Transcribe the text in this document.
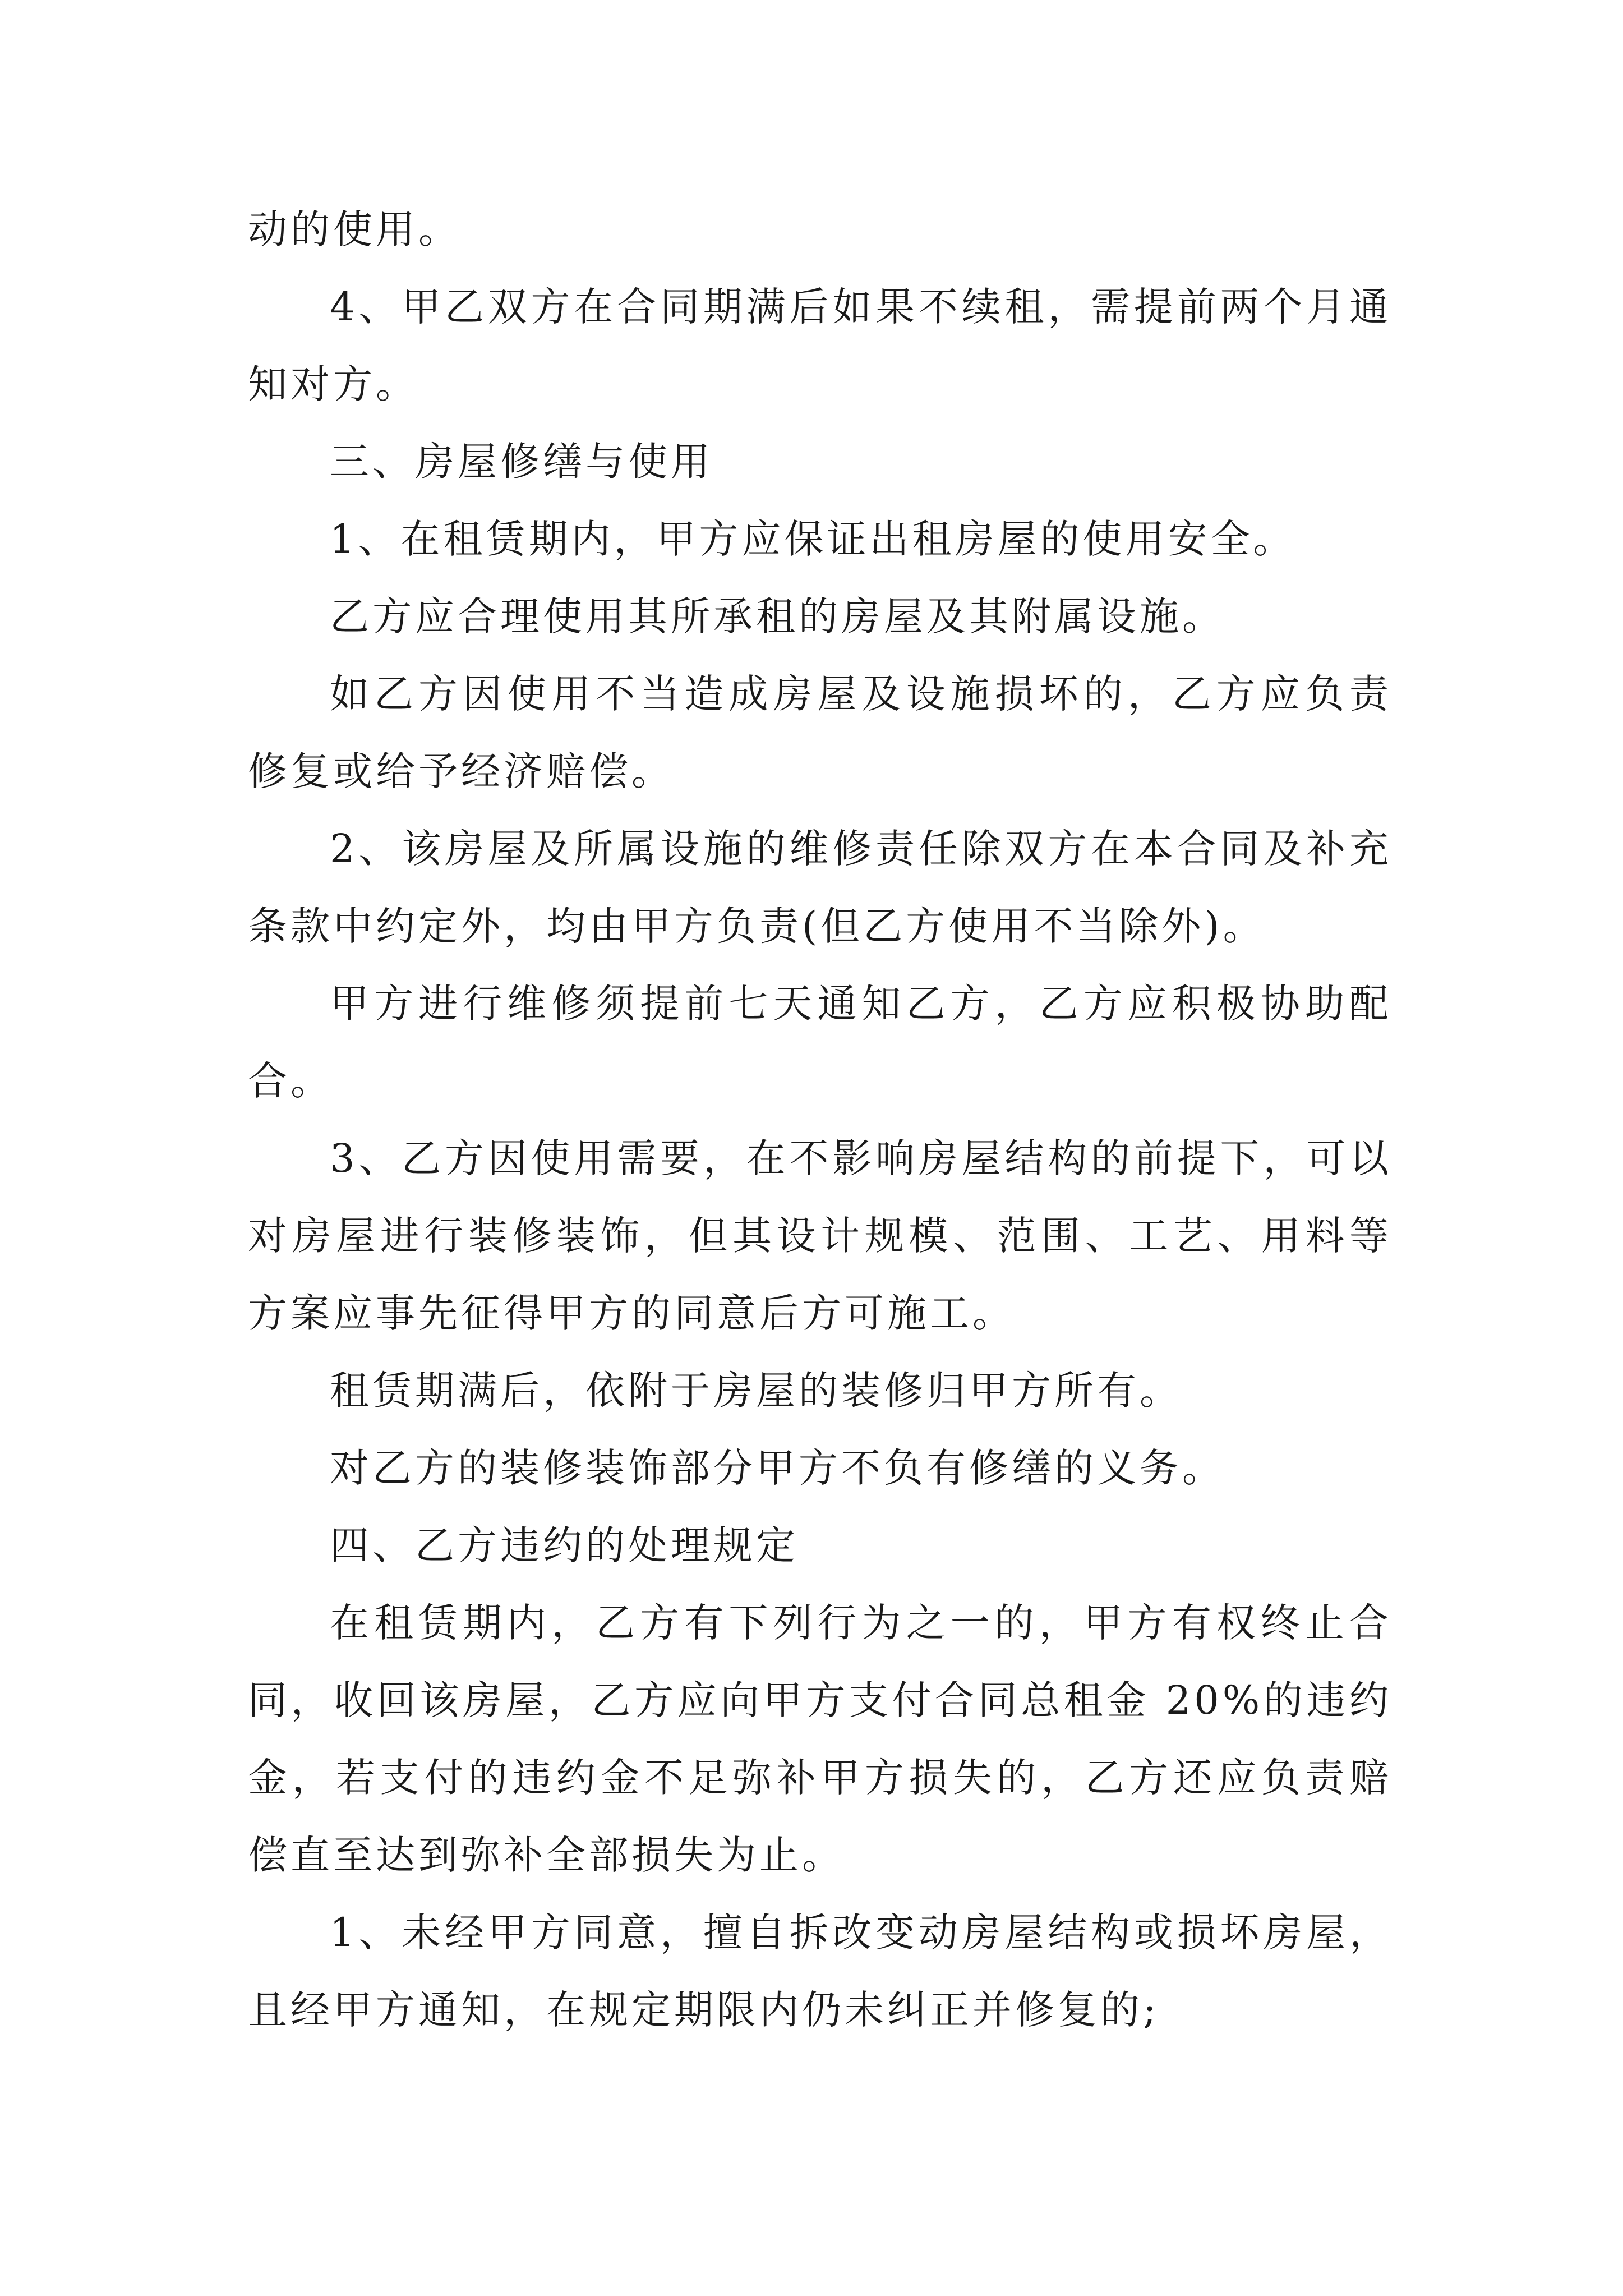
动的使用。

4、甲乙双方在合同期满后如果不续租，需提前两个月通知对方。

三、房屋修缮与使用

1、在租赁期内，甲方应保证出租房屋的使用安全。

乙方应合理使用其所承租的房屋及其附属设施。

如乙方因使用不当造成房屋及设施损坏的，乙方应负责修复或给予经济赔偿。

2、该房屋及所属设施的维修责任除双方在本合同及补充条款中约定外，均由甲方负责(但乙方使用不当除外)。

甲方进行维修须提前七天通知乙方，乙方应积极协助配合。

3、乙方因使用需要，在不影响房屋结构的前提下，可以对房屋进行装修装饰，但其设计规模、范围、工艺、用料等方案应事先征得甲方的同意后方可施工。

租赁期满后，依附于房屋的装修归甲方所有。

对乙方的装修装饰部分甲方不负有修缮的义务。

四、乙方违约的处理规定

在租赁期内，乙方有下列行为之一的，甲方有权终止合同，收回该房屋，乙方应向甲方支付合同总租金 20%的违约金，若支付的违约金不足弥补甲方损失的，乙方还应负责赔偿直至达到弥补全部损失为止。

1、未经甲方同意，擅自拆改变动房屋结构或损坏房屋，且经甲方通知，在规定期限内仍未纠正并修复的;
